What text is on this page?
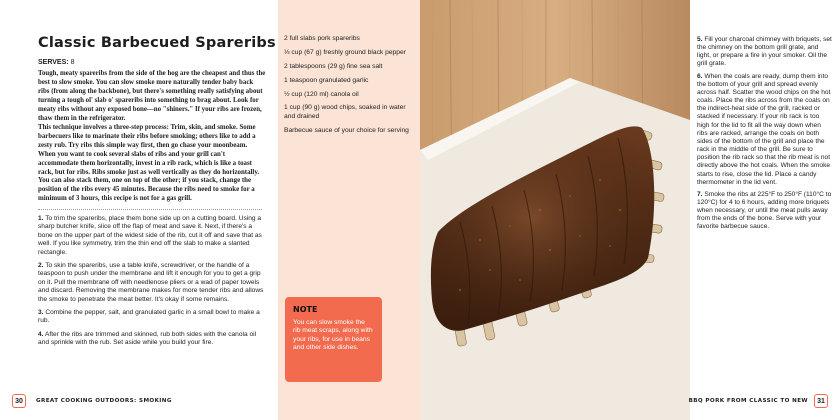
Classic Barbecued Spareribs
SERVES: 8

Tough, meaty spareribs from the side of the hog are the cheapest and thus the best to slow smoke. You can slow smoke more naturally tender baby back ribs (from along the backbone), but there's something really satisfying about turning a tough ol' slab o' spareribs into something to brag about. Look for meaty ribs without any exposed bone—no "shiners." If your ribs are frozen, thaw them in the refrigerator.

This technique involves a three-step process: Trim, skin, and smoke. Some barbecuers like to marinate their ribs before smoking; others like to add a zesty rub. Try ribs this simple way first, then go chase your moonbeam. When you want to cook several slabs of ribs and your grill can't accommodate them horizontally, invest in a rib rack, which is like a toast rack, but for ribs. Ribs smoke just as well vertically as they do horizontally. You can also stack them, one on top of the other; if you stack, change the position of the ribs every 45 minutes. Because the ribs need to smoke for a minimum of 3 hours, this recipe is not for a gas grill.

1. To trim the spareribs, place them bone side up on a cutting board. Using a sharp butcher knife, slice off the flap of meat and save it. Next, if there's a bone on the upper part of the widest side of the rib, cut it off and save that as well. If you like symmetry, trim the thin end off the slab to make a slanted rectangle.

2. To skin the spareribs, use a table knife, screwdriver, or the handle of a teaspoon to push under the membrane and lift it enough for you to get a grip on it. Pull the membrane off with needlenose pliers or a wad of paper towels and discard. Removing the membrane makes for more tender ribs and allows the smoke to penetrate the meat better. It's okay if some remains.

3. Combine the pepper, salt, and granulated garlic in a small bowl to make a rub.

4. After the ribs are trimmed and skinned, rub both sides with the canola oil and sprinkle with the rub. Set aside while you build your fire.

2 full slabs pork spareribs
⅓ cup (67 g) freshly ground black pepper
2 tablespoons (29 g) fine sea salt
1 teaspoon granulated garlic
½ cup (120 ml) canola oil
1 cup (90 g) wood chips, soaked in water and drained
Barbecue sauce of your choice for serving
NOTE

You can slow smoke the rib meat scraps, along with your ribs, for use in beans and other side dishes.

5. Fill your charcoal chimney with briquets, set the chimney on the bottom grill grate, and light, or prepare a fire in your smoker. Oil the grill grate.

6. When the coals are ready, dump them into the bottom of your grill and spread evenly across half. Scatter the wood chips on the hot coals. Place the ribs across from the coals on the indirect-heat side of the grill, racked or stacked if necessary. If your rib rack is too high for the lid to fit all the way down when ribs are racked, arrange the coals on both sides of the bottom of the grill and place the rack in the middle of the grill. Be sure to position the rib rack so that the rib meat is not directly above the hot coals. When the smoke starts to rise, close the lid. Place a candy thermometer in the lid vent.

7. Smoke the ribs at 225°F to 250°F (110°C to 120°C) for 4 to 6 hours, adding more briquets when necessary, or until the meat pulls away from the ends of the bone. Serve with your favorite barbecue sauce.

30	GREAT COOKING OUTDOORS: SMOKING	BBQ PORK FROM CLASSIC TO NEW	31
